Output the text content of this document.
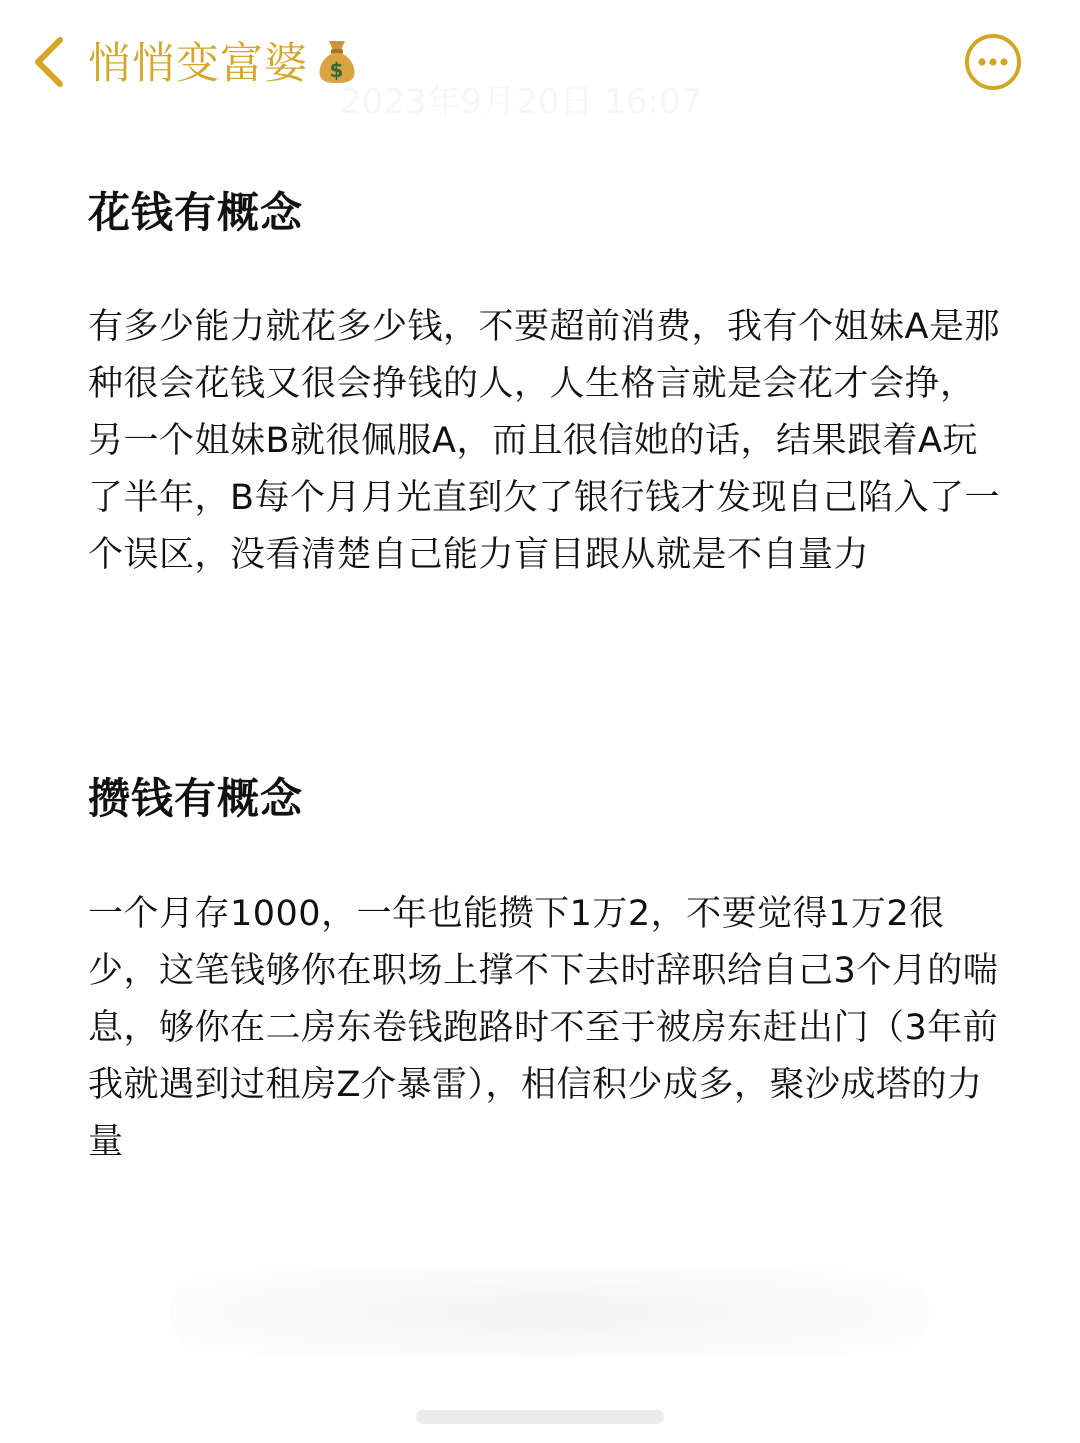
悄悄变富婆 $
2023年9月20日 16:07
花钱有概念
有多少能力就花多少钱，不要超前消费，我有个姐妹A是那种很会花钱又很会挣钱的人，人生格言就是会花才会挣，另一个姐妹B就很佩服A，而且很信她的话，结果跟着A玩了半年，B每个月月光直到欠了银行钱才发现自己陷入了一个误区，没看清楚自己能力盲目跟从就是不自量力
攒钱有概念
一个月存1000，一年也能攒下1万2，不要觉得1万2很少，这笔钱够你在职场上撑不下去时辞职给自己3个月的喘息，够你在二房东卷钱跑路时不至于被房东赶出门（3年前我就遇到过租房Z介暴雷），相信积少成多，聚沙成塔的力量
